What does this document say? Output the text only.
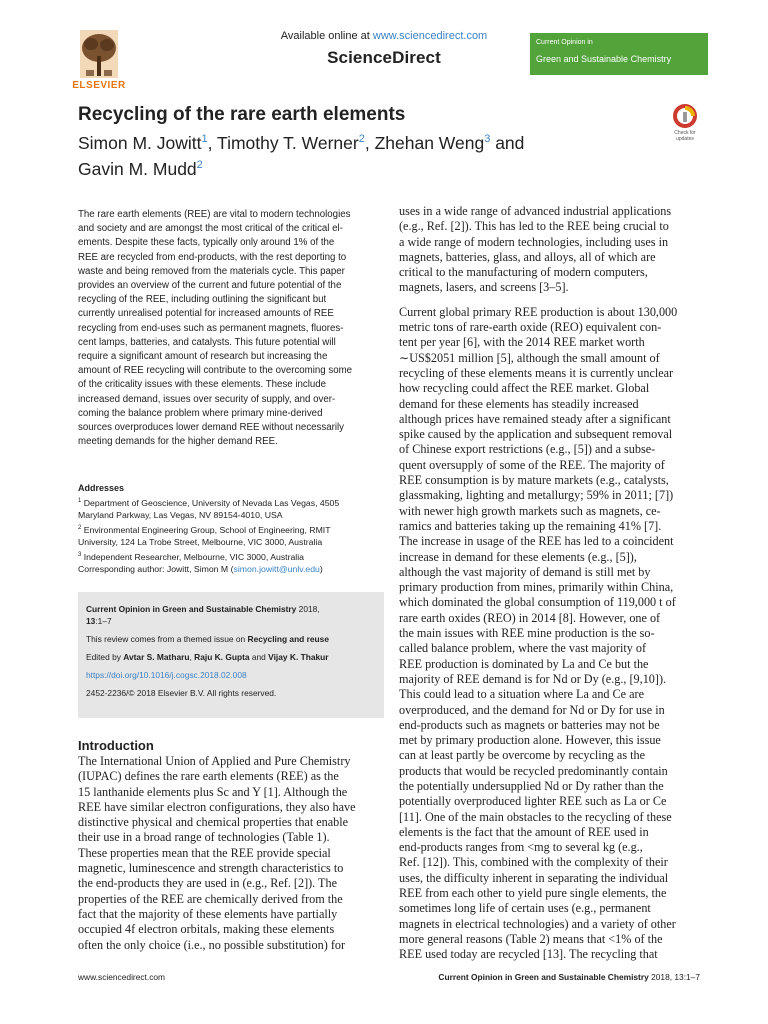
Available online at www.sciencedirect.com
ScienceDirect
ELSEVIER
Current Opinion in
Green and Sustainable Chemistry
Recycling of the rare earth elements
Simon M. Jowitt$^1$, Timothy T. Werner$^2$, Zhehan Weng$^3$ and
Gavin M. Mudd$^2$
Check for
updates
The rare earth elements (REE) are vital to modern technologies
and society and are amongst the most critical of the critical el-
ements. Despite these facts, typically only around 1% of the
REE are recycled from end-products, with the rest deporting to
waste and being removed from the materials cycle. This paper
provides an overview of the current and future potential of the
recycling of the REE, including outlining the significant but
currently unrealised potential for increased amounts of REE
recycling from end-uses such as permanent magnets, fluores-
cent lamps, batteries, and catalysts. This future potential will
require a significant amount of research but increasing the
amount of REE recycling will contribute to the overcoming some
of the criticality issues with these elements. These include
increased demand, issues over security of supply, and over-
coming the balance problem where primary mine-derived
sources overproduces lower demand REE without necessarily
meeting demands for the higher demand REE.
Addresses
$^1$ Department of Geoscience, University of Nevada Las Vegas, 4505
Maryland Parkway, Las Vegas, NV 89154-4010, USA
$^2$ Environmental Engineering Group, School of Engineering, RMIT
University, 124 La Trobe Street, Melbourne, VIC 3000, Australia
$^3$ Independent Researcher, Melbourne, VIC 3000, Australia
Corresponding author: Jowitt, Simon M (simon.jowitt@unlv.edu)
Current Opinion in Green and Sustainable Chemistry 2018,
13:1–7
This review comes from a themed issue on Recycling and reuse
Edited by Avtar S. Matharu, Raju K. Gupta and Vijay K. Thakur
https://doi.org/10.1016/j.cogsc.2018.02.008
2452-2236/© 2018 Elsevier B.V. All rights reserved.
Introduction
The International Union of Applied and Pure Chemistry
(IUPAC) defines the rare earth elements (REE) as the
15 lanthanide elements plus Sc and Y [1]. Although the
REE have similar electron configurations, they also have
distinctive physical and chemical properties that enable
their use in a broad range of technologies (Table 1).
These properties mean that the REE provide special
magnetic, luminescence and strength characteristics to
the end-products they are used in (e.g., Ref. [2]). The
properties of the REE are chemically derived from the
fact that the majority of these elements have partially
occupied 4f electron orbitals, making these elements
often the only choice (i.e., no possible substitution) for

uses in a wide range of advanced industrial applications
(e.g., Ref. [2]). This has led to the REE being crucial to
a wide range of modern technologies, including uses in
magnets, batteries, glass, and alloys, all of which are
critical to the manufacturing of modern computers,
magnets, lasers, and screens [3–5].

Current global primary REE production is about 130,000
metric tons of rare-earth oxide (REO) equivalent con-
tent per year [6], with the 2014 REE market worth
∼US$2051 million [5], although the small amount of
recycling of these elements means it is currently unclear
how recycling could affect the REE market. Global
demand for these elements has steadily increased
although prices have remained steady after a significant
spike caused by the application and subsequent removal
of Chinese export restrictions (e.g., [5]) and a subse-
quent oversupply of some of the REE. The majority of
REE consumption is by mature markets (e.g., catalysts,
glassmaking, lighting and metallurgy; 59% in 2011; [7])
with newer high growth markets such as magnets, ce-
ramics and batteries taking up the remaining 41% [7].
The increase in usage of the REE has led to a coincident
increase in demand for these elements (e.g., [5]),
although the vast majority of demand is still met by
primary production from mines, primarily within China,
which dominated the global consumption of 119,000 t of
rare earth oxides (REO) in 2014 [8]. However, one of
the main issues with REE mine production is the so-
called balance problem, where the vast majority of
REE production is dominated by La and Ce but the
majority of REE demand is for Nd or Dy (e.g., [9,10]).
This could lead to a situation where La and Ce are
overproduced, and the demand for Nd or Dy for use in
end-products such as magnets or batteries may not be
met by primary production alone. However, this issue
can at least partly be overcome by recycling as the
products that would be recycled predominantly contain
the potentially undersupplied Nd or Dy rather than the
potentially overproduced lighter REE such as La or Ce
[11]. One of the main obstacles to the recycling of these
elements is the fact that the amount of REE used in
end-products ranges from <mg to several kg (e.g.,
Ref. [12]). This, combined with the complexity of their
uses, the difficulty inherent in separating the individual
REE from each other to yield pure single elements, the
sometimes long life of certain uses (e.g., permanent
magnets in electrical technologies) and a variety of other
more general reasons (Table 2) means that <1% of the
REE used today are recycled [13]. The recycling that

www.sciencedirect.com	Current Opinion in Green and Sustainable Chemistry 2018, 13:1–7
